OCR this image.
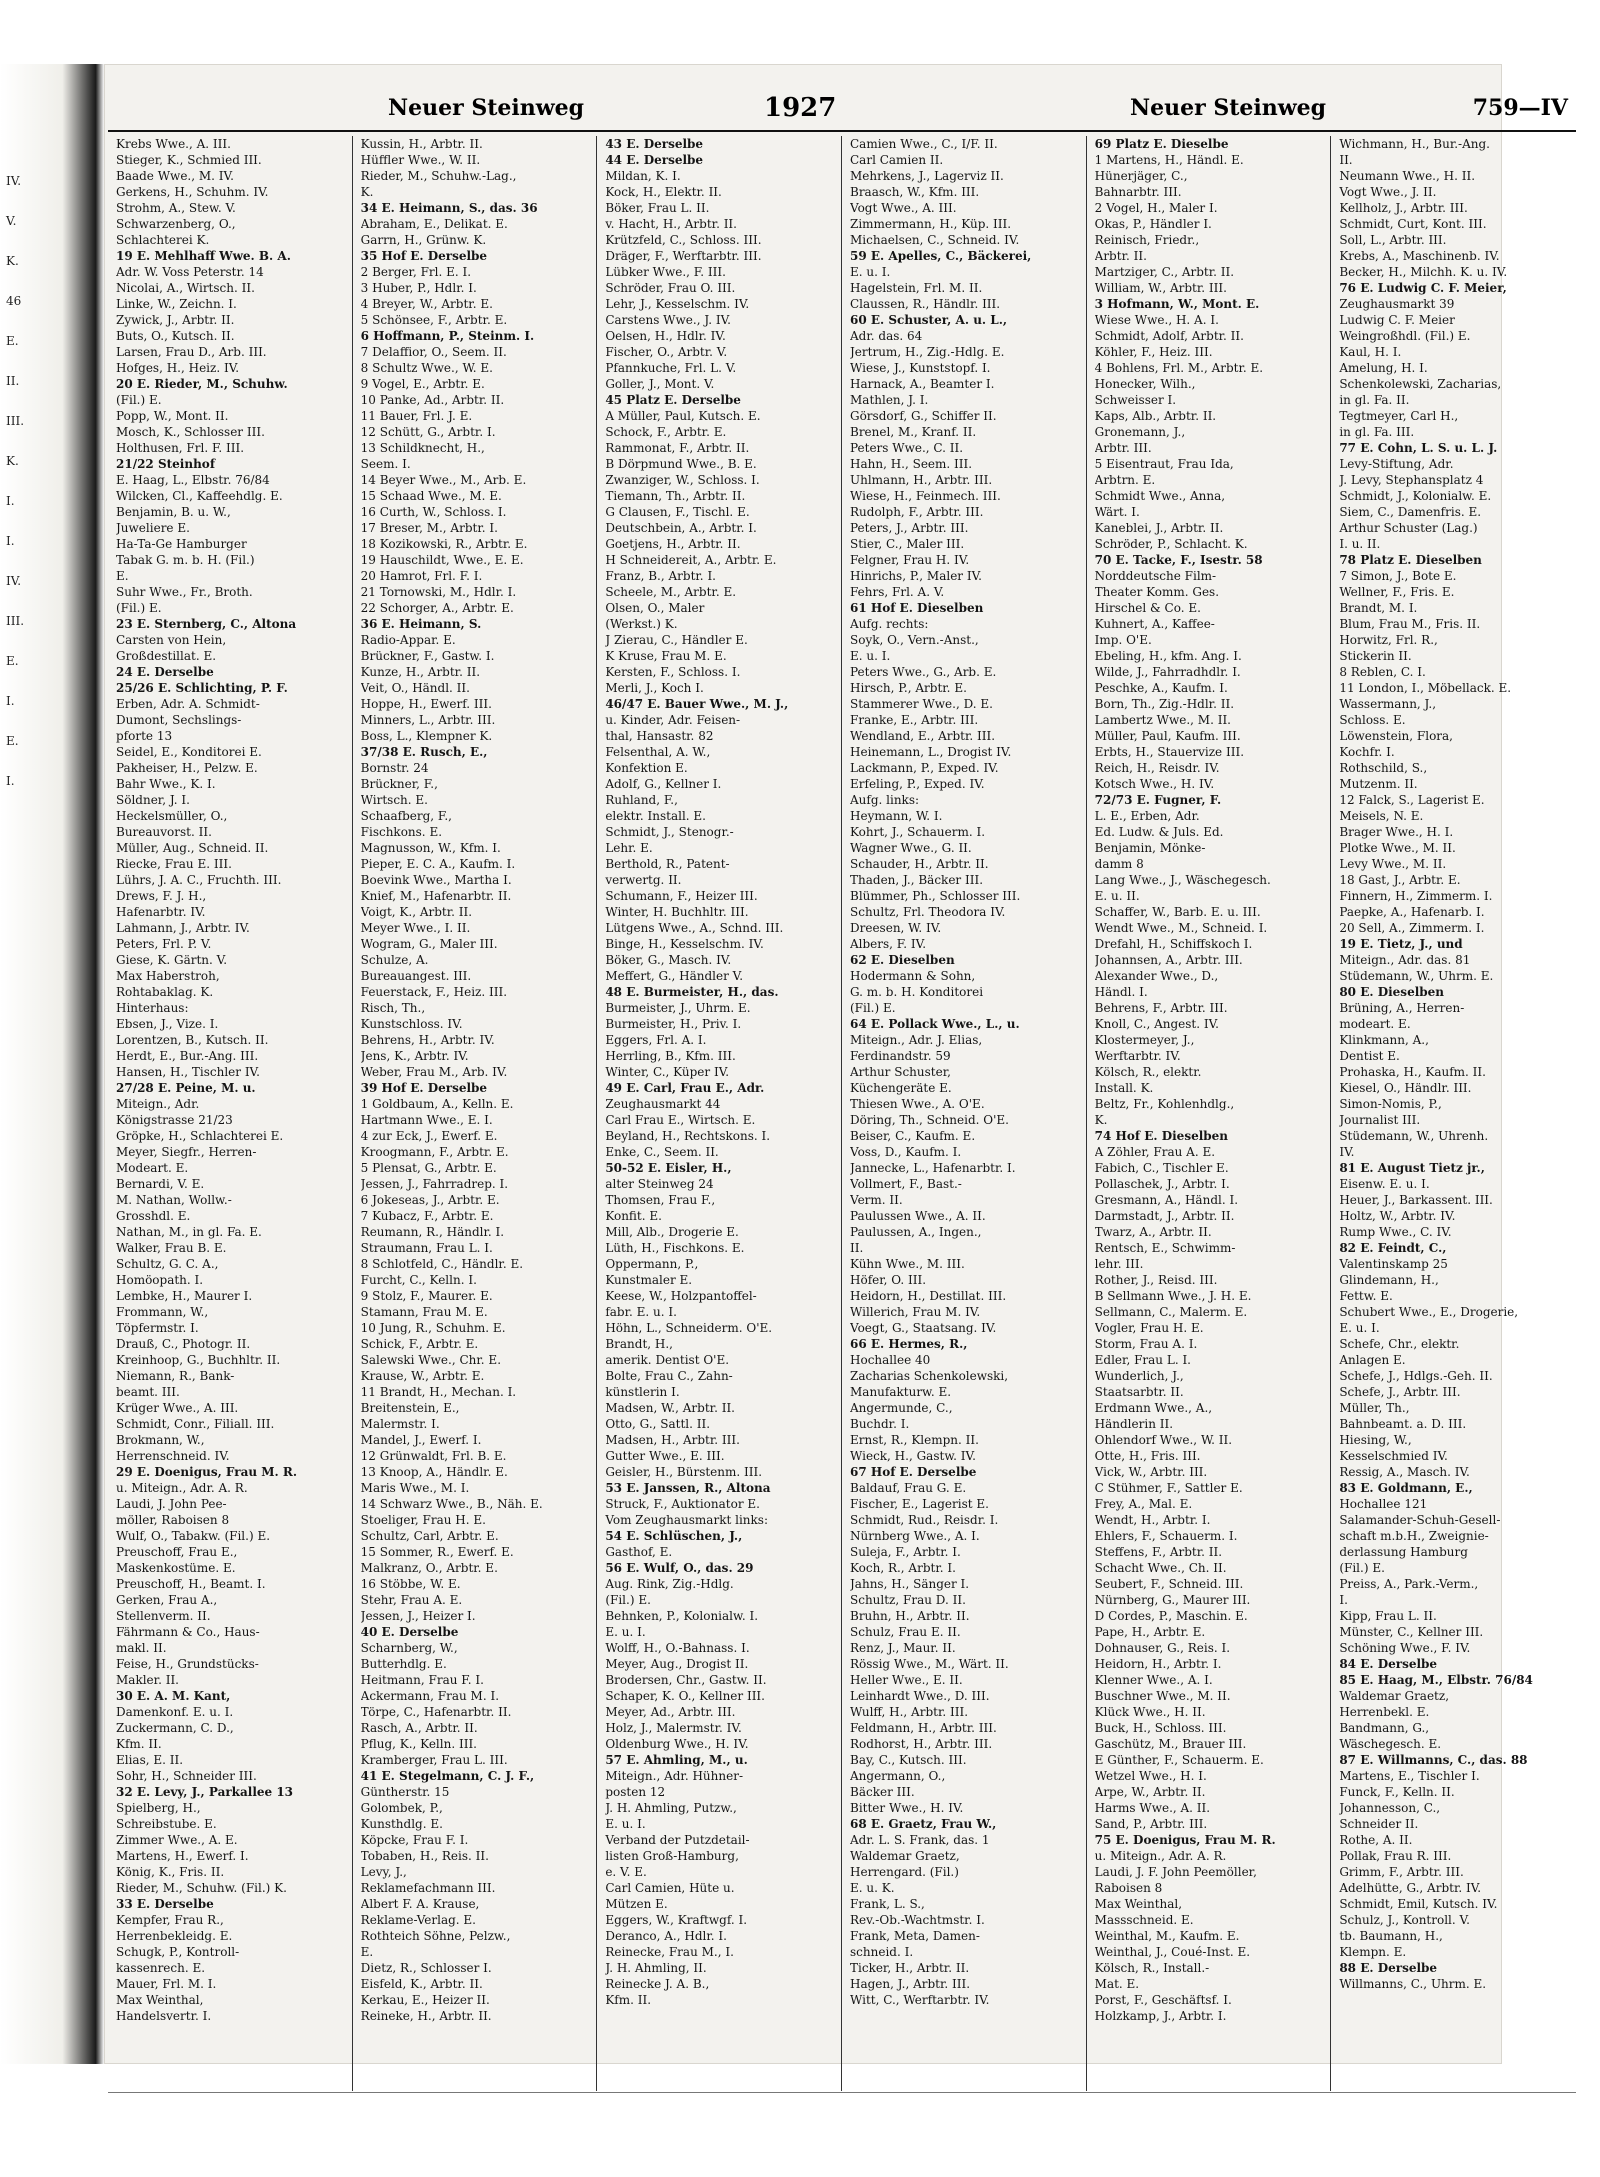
IV.
V.
K.
46
E.
II.
III.
K.
I.
I.
IV.
III.
E.
I.
E.
I.
Neuer Steinweg	1927	Neuer Steinweg	759—IV
Krebs Wwe., A. III.
Stieger, K., Schmied III.
Baade Wwe., M. IV.
Gerkens, H., Schuhm. IV.
Strohm, A., Stew. V.
Schwarzenberg, O.,
Schlachterei K.
19 E. Mehlhaff Wwe. B. A.
Adr. W. Voss Peterstr. 14
Nicolai, A., Wirtsch. II.
Linke, W., Zeichn. I.
Zywick, J., Arbtr. II.
Buts, O., Kutsch. II.
Larsen, Frau D., Arb. III.
Hofges, H., Heiz. IV.
20 E. Rieder, M., Schuhw.
(Fil.) E.
Popp, W., Mont. II.
Mosch, K., Schlosser III.
Holthusen, Frl. F. III.
21/22 Steinhof
E. Haag, L., Elbstr. 76/84
Wilcken, Cl., Kaffeehdlg. E.
Benjamin, B. u. W.,
Juweliere E.
Ha-Ta-Ge Hamburger
Tabak G. m. b. H. (Fil.)
E.
Suhr Wwe., Fr., Broth.
(Fil.) E.
23 E. Sternberg, C., Altona
Carsten von Hein,
Großdestillat. E.
24 E. Derselbe
25/26 E. Schlichting, P. F.
Erben, Adr. A. Schmidt-
Dumont, Sechslings-
pforte 13
Seidel, E., Konditorei E.
Pakheiser, H., Pelzw. E.
Bahr Wwe., K. I.
Söldner, J. I.
Heckelsmüller, O.,
Bureauvorst. II.
Müller, Aug., Schneid. II.
Riecke, Frau E. III.
Lührs, J. A. C., Fruchth. III.
Drews, F. J. H.,
Hafenarbtr. IV.
Lahmann, J., Arbtr. IV.
Peters, Frl. P. V.
Giese, K. Gärtn. V.
Max Haberstroh,
Rohtabaklag. K.
Hinterhaus:
Ebsen, J., Vize. I.
Lorentzen, B., Kutsch. II.
Herdt, E., Bur.-Ang. III.
Hansen, H., Tischler IV.
27/28 E. Peine, M. u.
Miteign., Adr.
Königstrasse 21/23
Gröpke, H., Schlachterei E.
Meyer, Siegfr., Herren-
Modeart. E.
Bernardi, V. E.
M. Nathan, Wollw.-
Grosshdl. E.
Nathan, M., in gl. Fa. E.
Walker, Frau B. E.
Schultz, G. C. A.,
Homöopath. I.
Lembke, H., Maurer I.
Frommann, W.,
Töpfermstr. I.
Drauß, C., Photogr. II.
Kreinhoop, G., Buchhltr. II.
Niemann, R., Bank-
beamt. III.
Krüger Wwe., A. III.
Schmidt, Conr., Filiall. III.
Brokmann, W.,
Herrenschneid. IV.
29 E. Doenigus, Frau M. R.
u. Miteign., Adr. A. R.
Laudi, J. John Pee-
möller, Raboisen 8
Wulf, O., Tabakw. (Fil.) E.
Preuschoff, Frau E.,
Maskenkostüme. E.
Preuschoff, H., Beamt. I.
Gerken, Frau A.,
Stellenverm. II.
Fährmann & Co., Haus-
makl. II.
Feise, H., Grundstücks-
Makler. II.
30 E. A. M. Kant,
Damenkonf. E. u. I.
Zuckermann, C. D.,
Kfm. II.
Elias, E. II.
Sohr, H., Schneider III.
32 E. Levy, J., Parkallee 13
Spielberg, H.,
Schreibstube. E.
Zimmer Wwe., A. E.
Martens, H., Ewerf. I.
König, K., Fris. II.
Rieder, M., Schuhw. (Fil.) K.
33 E. Derselbe
Kempfer, Frau R.,
Herrenbekleidg. E.
Schugk, P., Kontroll-
kassenrech. E.
Mauer, Frl. M. I.
Max Weinthal,
Handelsvertr. I.
Kussin, H., Arbtr. II.
Hüffler Wwe., W. II.
Rieder, M., Schuhw.-Lag.,
K.
34 E. Heimann, S., das. 36
Abraham, E., Delikat. E.
Garrn, H., Grünw. K.
35 Hof E. Derselbe
2 Berger, Frl. E. I.
3 Huber, P., Hdlr. I.
4 Breyer, W., Arbtr. E.
5 Schönsee, F., Arbtr. E.
6 Hoffmann, P., Steinm. I.
7 Delaffior, O., Seem. II.
8 Schultz Wwe., W. E.
9 Vogel, E., Arbtr. E.
10 Panke, Ad., Arbtr. II.
11 Bauer, Frl. J. E.
12 Schütt, G., Arbtr. I.
13 Schildknecht, H.,
Seem. I.
14 Beyer Wwe., M., Arb. E.
15 Schaad Wwe., M. E.
16 Curth, W., Schloss. I.
17 Breser, M., Arbtr. I.
18 Kozikowski, R., Arbtr. E.
19 Hauschildt, Wwe., E. E.
20 Hamrot, Frl. F. I.
21 Tornowski, M., Hdlr. I.
22 Schorger, A., Arbtr. E.
36 E. Heimann, S.
Radio-Appar. E.
Brückner, F., Gastw. I.
Kunze, H., Arbtr. II.
Veit, O., Händl. II.
Hoppe, H., Ewerf. III.
Minners, L., Arbtr. III.
Boss, L., Klempner K.
37/38 E. Rusch, E.,
Bornstr. 24
Brückner, F.,
Wirtsch. E.
Schaafberg, F.,
Fischkons. E.
Magnusson, W., Kfm. I.
Pieper, E. C. A., Kaufm. I.
Boevink Wwe., Martha I.
Knief, M., Hafenarbtr. II.
Voigt, K., Arbtr. II.
Meyer Wwe., I. II.
Wogram, G., Maler III.
Schulze, A.
Bureauangest. III.
Feuerstack, F., Heiz. III.
Risch, Th.,
Kunstschloss. IV.
Behrens, H., Arbtr. IV.
Jens, K., Arbtr. IV.
Weber, Frau M., Arb. IV.
39 Hof E. Derselbe
1 Goldbaum, A., Kelln. E.
Hartmann Wwe., E. I.
4 zur Eck, J., Ewerf. E.
Kroogmann, F., Arbtr. E.
5 Plensat, G., Arbtr. E.
Jessen, J., Fahrradrep. I.
6 Jokeseas, J., Arbtr. E.
7 Kubacz, F., Arbtr. E.
Reumann, R., Händlr. I.
Straumann, Frau L. I.
8 Schlotfeld, C., Händlr. E.
Furcht, C., Kelln. I.
9 Stolz, F., Maurer. E.
Stamann, Frau M. E.
10 Jung, R., Schuhm. E.
Schick, F., Arbtr. E.
Salewski Wwe., Chr. E.
Krause, W., Arbtr. E.
11 Brandt, H., Mechan. I.
Breitenstein, E.,
Malermstr. I.
Mandel, J., Ewerf. I.
12 Grünwaldt, Frl. B. E.
13 Knoop, A., Händlr. E.
Maris Wwe., M. I.
14 Schwarz Wwe., B., Näh. E.
Stoeliger, Frau H. E.
Schultz, Carl, Arbtr. E.
15 Sommer, R., Ewerf. E.
Malkranz, O., Arbtr. E.
16 Stöbbe, W. E.
Stehr, Frau A. E.
Jessen, J., Heizer I.
40 E. Derselbe
Scharnberg, W.,
Butterhdlg. E.
Heitmann, Frau F. I.
Ackermann, Frau M. I.
Törpe, C., Hafenarbtr. II.
Rasch, A., Arbtr. II.
Pflug, K., Kelln. III.
Kramberger, Frau L. III.
41 E. Stegelmann, C. J. F.,
Güntherstr. 15
Golombek, P.,
Kunsthdlg. E.
Köpcke, Frau F. I.
Tobaben, H., Reis. II.
Levy, J.,
Reklamefachmann III.
Albert F. A. Krause,
Reklame-Verlag. E.
Rothteich Söhne, Pelzw.,
E.
Dietz, R., Schlosser I.
Eisfeld, K., Arbtr. II.
Kerkau, E., Heizer II.
Reineke, H., Arbtr. II.
43 E. Derselbe
44 E. Derselbe
Mildan, K. I.
Kock, H., Elektr. II.
Böker, Frau L. II.
v. Hacht, H., Arbtr. II.
Krützfeld, C., Schloss. III.
Dräger, F., Werftarbtr. III.
Lübker Wwe., F. III.
Schröder, Frau O. III.
Lehr, J., Kesselschm. IV.
Carstens Wwe., J. IV.
Oelsen, H., Hdlr. IV.
Fischer, O., Arbtr. V.
Pfannkuche, Frl. L. V.
Goller, J., Mont. V.
45 Platz E. Derselbe
A Müller, Paul, Kutsch. E.
Schock, F., Arbtr. E.
Rammonat, F., Arbtr. II.
B Dörpmund Wwe., B. E.
Zwanziger, W., Schloss. I.
Tiemann, Th., Arbtr. II.
G Clausen, F., Tischl. E.
Deutschbein, A., Arbtr. I.
Goetjens, H., Arbtr. II.
H Schneidereit, A., Arbtr. E.
Franz, B., Arbtr. I.
Scheele, M., Arbtr. E.
Olsen, O., Maler
(Werkst.) K.
J Zierau, C., Händler E.
K Kruse, Frau M. E.
Kersten, F., Schloss. I.
Merli, J., Koch I.
46/47 E. Bauer Wwe., M. J.,
u. Kinder, Adr. Feisen-
thal, Hansastr. 82
Felsenthal, A. W.,
Konfektion E.
Adolf, G., Kellner I.
Ruhland, F.,
elektr. Install. E.
Schmidt, J., Stenogr.-
Lehr. E.
Berthold, R., Patent-
verwertg. II.
Schumann, F., Heizer III.
Winter, H. Buchhltr. III.
Lütgens Wwe., A., Schnd. III.
Binge, H., Kesselschm. IV.
Böker, G., Masch. IV.
Meffert, G., Händler V.
48 E. Burmeister, H., das.
Burmeister, J., Uhrm. E.
Burmeister, H., Priv. I.
Eggers, Frl. A. I.
Herrling, B., Kfm. III.
Winter, C., Küper IV.
49 E. Carl, Frau E., Adr.
Zeughausmarkt 44
Carl Frau E., Wirtsch. E.
Beyland, H., Rechtskons. I.
Enke, C., Seem. II.
50-52 E. Eisler, H.,
alter Steinweg 24
Thomsen, Frau F.,
Konfit. E.
Mill, Alb., Drogerie E.
Lüth, H., Fischkons. E.
Oppermann, P.,
Kunstmaler E.
Keese, W., Holzpantoffel-
fabr. E. u. I.
Höhn, L., Schneiderm. O'E.
Brandt, H.,
amerik. Dentist O'E.
Bolte, Frau C., Zahn-
künstlerin I.
Madsen, W., Arbtr. II.
Otto, G., Sattl. II.
Madsen, H., Arbtr. III.
Gutter Wwe., E. III.
Geisler, H., Bürstenm. III.
53 E. Janssen, R., Altona
Struck, F., Auktionator E.
Vom Zeughausmarkt links:
54 E. Schlüschen, J.,
Gasthof, E.
56 E. Wulf, O., das. 29
Aug. Rink, Zig.-Hdlg.
(Fil.) E.
Behnken, P., Kolonialw. I.
E. u. I.
Wolff, H., O.-Bahnass. I.
Meyer, Aug., Drogist II.
Brodersen, Chr., Gastw. II.
Schaper, K. O., Kellner III.
Meyer, Ad., Arbtr. III.
Holz, J., Malermstr. IV.
Oldenburg Wwe., H. IV.
57 E. Ahmling, M., u.
Miteign., Adr. Hühner-
posten 12
J. H. Ahmling, Putzw.,
E. u. I.
Verband der Putzdetail-
listen Groß-Hamburg,
e. V. E.
Carl Camien, Hüte u.
Mützen E.
Eggers, W., Kraftwgf. I.
Deranco, A., Hdlr. I.
Reinecke, Frau M., I.
J. H. Ahmling, II.
Reinecke J. A. B.,
Kfm. II.
Camien Wwe., C., I/F. II.
Carl Camien II.
Mehrkens, J., Lagerviz II.
Braasch, W., Kfm. III.
Vogt Wwe., A. III.
Zimmermann, H., Küp. III.
Michaelsen, C., Schneid. IV.
59 E. Apelles, C., Bäckerei,
E. u. I.
Hagelstein, Frl. M. II.
Claussen, R., Händlr. III.
60 E. Schuster, A. u. L.,
Adr. das. 64
Jertrum, H., Zig.-Hdlg. E.
Wiese, J., Kunststopf. I.
Harnack, A., Beamter I.
Mathlen, J. I.
Görsdorf, G., Schiffer II.
Brenel, M., Kranf. II.
Peters Wwe., C. II.
Hahn, H., Seem. III.
Uhlmann, H., Arbtr. III.
Wiese, H., Feinmech. III.
Rudolph, F., Arbtr. III.
Peters, J., Arbtr. III.
Stier, C., Maler III.
Felgner, Frau H. IV.
Hinrichs, P., Maler IV.
Fehrs, Frl. A. V.
61 Hof E. Dieselben
Aufg. rechts:
Soyk, O., Vern.-Anst.,
E. u. I.
Peters Wwe., G., Arb. E.
Hirsch, P., Arbtr. E.
Stammerer Wwe., D. E.
Franke, E., Arbtr. III.
Wendland, E., Arbtr. III.
Heinemann, L., Drogist IV.
Lackmann, P., Exped. IV.
Erfeling, P., Exped. IV.
Aufg. links:
Heymann, W. I.
Kohrt, J., Schauerm. I.
Wagner Wwe., G. II.
Schauder, H., Arbtr. II.
Thaden, J., Bäcker III.
Blümmer, Ph., Schlosser III.
Schultz, Frl. Theodora IV.
Dreesen, W. IV.
Albers, F. IV.
62 E. Dieselben
Hodermann & Sohn,
G. m. b. H. Konditorei
(Fil.) E.
64 E. Pollack Wwe., L., u.
Miteign., Adr. J. Elias,
Ferdinandstr. 59
Arthur Schuster,
Küchengeräte E.
Thiesen Wwe., A. O'E.
Döring, Th., Schneid. O'E.
Beiser, C., Kaufm. E.
Voss, D., Kaufm. I.
Jannecke, L., Hafenarbtr. I.
Vollmert, F., Bast.-
Verm. II.
Paulussen Wwe., A. II.
Paulussen, A., Ingen.,
II.
Kühn Wwe., M. III.
Höfer, O. III.
Heidorn, H., Destillat. III.
Willerich, Frau M. IV.
Voegt, G., Staatsang. IV.
66 E. Hermes, R.,
Hochallee 40
Zacharias Schenkolewski,
Manufakturw. E.
Angermunde, C.,
Buchdr. I.
Ernst, R., Klempn. II.
Wieck, H., Gastw. IV.
67 Hof E. Derselbe
Baldauf, Frau G. E.
Fischer, E., Lagerist E.
Schmidt, Rud., Reisdr. I.
Nürnberg Wwe., A. I.
Suleja, F., Arbtr. I.
Koch, R., Arbtr. I.
Jahns, H., Sänger I.
Schultz, Frau D. II.
Bruhn, H., Arbtr. II.
Schulz, Frau E. II.
Renz, J., Maur. II.
Rössig Wwe., M., Wärt. II.
Heller Wwe., E. II.
Leinhardt Wwe., D. III.
Wulff, H., Arbtr. III.
Feldmann, H., Arbtr. III.
Rodhorst, H., Arbtr. III.
Bay, C., Kutsch. III.
Angermann, O.,
Bäcker III.
Bitter Wwe., H. IV.
68 E. Graetz, Frau W.,
Adr. L. S. Frank, das. 1
Waldemar Graetz,
Herrengard. (Fil.)
E. u. K.
Frank, L. S.,
Rev.-Ob.-Wachtmstr. I.
Frank, Meta, Damen-
schneid. I.
Ticker, H., Arbtr. II.
Hagen, J., Arbtr. III.
Witt, C., Werftarbtr. IV.
69 Platz E. Dieselbe
1 Martens, H., Händl. E.
Hünerjäger, C.,
Bahnarbtr. III.
2 Vogel, H., Maler I.
Okas, P., Händler I.
Reinisch, Friedr.,
Arbtr. II.
Martziger, C., Arbtr. II.
William, W., Arbtr. III.
3 Hofmann, W., Mont. E.
Wiese Wwe., H. A. I.
Schmidt, Adolf, Arbtr. II.
Köhler, F., Heiz. III.
4 Bohlens, Frl. M., Arbtr. E.
Honecker, Wilh.,
Schweisser I.
Kaps, Alb., Arbtr. II.
Gronemann, J.,
Arbtr. III.
5 Eisentraut, Frau Ida,
Arbtrn. E.
Schmidt Wwe., Anna,
Wärt. I.
Kaneblei, J., Arbtr. II.
Schröder, P., Schlacht. K.
70 E. Tacke, F., Isestr. 58
Norddeutsche Film-
Theater Komm. Ges.
Hirschel & Co. E.
Kuhnert, A., Kaffee-
Imp. O'E.
Ebeling, H., kfm. Ang. I.
Wilde, J., Fahrradhdlr. I.
Peschke, A., Kaufm. I.
Born, Th., Zig.-Hdlr. II.
Lambertz Wwe., M. II.
Müller, Paul, Kaufm. III.
Erbts, H., Stauervize III.
Reich, H., Reisdr. IV.
Kotsch Wwe., H. IV.
72/73 E. Fugner, F.
L. E., Erben, Adr.
Ed. Ludw. & Juls. Ed.
Benjamin, Mönke-
damm 8
Lang Wwe., J., Wäschegesch.
E. u. II.
Schaffer, W., Barb. E. u. III.
Wendt Wwe., M., Schneid. I.
Drefahl, H., Schiffskoch I.
Johannsen, A., Arbtr. III.
Alexander Wwe., D.,
Händl. I.
Behrens, F., Arbtr. III.
Knoll, C., Angest. IV.
Klostermeyer, J.,
Werftarbtr. IV.
Kölsch, R., elektr.
Install. K.
Beltz, Fr., Kohlenhdlg.,
K.
74 Hof E. Dieselben
A Zöhler, Frau A. E.
Fabich, C., Tischler E.
Pollaschek, J., Arbtr. I.
Gresmann, A., Händl. I.
Darmstadt, J., Arbtr. II.
Twarz, A., Arbtr. II.
Rentsch, E., Schwimm-
lehr. III.
Rother, J., Reisd. III.
B Sellmann Wwe., J. H. E.
Sellmann, C., Malerm. E.
Vogler, Frau H. E.
Storm, Frau A. I.
Edler, Frau L. I.
Wunderlich, J.,
Staatsarbtr. II.
Erdmann Wwe., A.,
Händlerin II.
Ohlendorf Wwe., W. II.
Otte, H., Fris. III.
Vick, W., Arbtr. III.
C Stühmer, F., Sattler E.
Frey, A., Mal. E.
Wendt, H., Arbtr. I.
Ehlers, F., Schauerm. I.
Steffens, F., Arbtr. II.
Schacht Wwe., Ch. II.
Seubert, F., Schneid. III.
Nürnberg, G., Maurer III.
D Cordes, P., Maschin. E.
Pape, H., Arbtr. E.
Dohnauser, G., Reis. I.
Heidorn, H., Arbtr. I.
Klenner Wwe., A. I.
Buschner Wwe., M. II.
Klück Wwe., H. II.
Buck, H., Schloss. III.
Gaschütz, M., Brauer III.
E Günther, F., Schauerm. E.
Wetzel Wwe., H. I.
Arpe, W., Arbtr. II.
Harms Wwe., A. II.
Sand, P., Arbtr. III.
75 E. Doenigus, Frau M. R.
u. Miteign., Adr. A. R.
Laudi, J. F. John Peemöller,
Raboisen 8
Max Weinthal,
Massschneid. E.
Weinthal, M., Kaufm. E.
Weinthal, J., Coué-Inst. E.
Kölsch, R., Install.-
Mat. E.
Porst, F., Geschäftsf. I.
Holzkamp, J., Arbtr. I.
Wichmann, H., Bur.-Ang.
II.
Neumann Wwe., H. II.
Vogt Wwe., J. II.
Kellholz, J., Arbtr. III.
Schmidt, Curt, Kont. III.
Soll, L., Arbtr. III.
Krebs, A., Maschinenb. IV.
Becker, H., Milchh. K. u. IV.
76 E. Ludwig C. F. Meier,
Zeughausmarkt 39
Ludwig C. F. Meier
Weingroßhdl. (Fil.) E.
Kaul, H. I.
Amelung, H. I.
Schenkolewski, Zacharias,
in gl. Fa. II.
Tegtmeyer, Carl H.,
in gl. Fa. III.
77 E. Cohn, L. S. u. L. J.
Levy-Stiftung, Adr.
J. Levy, Stephansplatz 4
Schmidt, J., Kolonialw. E.
Siem, C., Damenfris. E.
Arthur Schuster (Lag.)
I. u. II.
78 Platz E. Dieselben
7 Simon, J., Bote E.
Wellner, F., Fris. E.
Brandt, M. I.
Blum, Frau M., Fris. II.
Horwitz, Frl. R.,
Stickerin II.
8 Reblen, C. I.
11 London, I., Möbellack. E.
Wassermann, J.,
Schloss. E.
Löwenstein, Flora,
Kochfr. I.
Rothschild, S.,
Mutzenm. II.
12 Falck, S., Lagerist E.
Meisels, N. E.
Brager Wwe., H. I.
Plotke Wwe., M. II.
Levy Wwe., M. II.
18 Gast, J., Arbtr. E.
Finnern, H., Zimmerm. I.
Paepke, A., Hafenarb. I.
20 Sell, A., Zimmerm. I.
19 E. Tietz, J., und
Miteign., Adr. das. 81
Stüdemann, W., Uhrm. E.
80 E. Dieselben
Brüning, A., Herren-
modeart. E.
Klinkmann, A.,
Dentist E.
Prohaska, H., Kaufm. II.
Kiesel, O., Händlr. III.
Simon-Nomis, P.,
Journalist III.
Stüdemann, W., Uhrenh.
IV.
81 E. August Tietz jr.,
Eisenw. E. u. I.
Heuer, J., Barkassent. III.
Holtz, W., Arbtr. IV.
Rump Wwe., C. IV.
82 E. Feindt, C.,
Valentinskamp 25
Glindemann, H.,
Fettw. E.
Schubert Wwe., E., Drogerie,
E. u. I.
Schefe, Chr., elektr.
Anlagen E.
Schefe, J., Hdlgs.-Geh. II.
Schefe, J., Arbtr. III.
Müller, Th.,
Bahnbeamt. a. D. III.
Hiesing, W.,
Kesselschmied IV.
Ressig, A., Masch. IV.
83 E. Goldmann, E.,
Hochallee 121
Salamander-Schuh-Gesell-
schaft m.b.H., Zweignie-
derlassung Hamburg
(Fil.) E.
Preiss, A., Park.-Verm.,
I.
Kipp, Frau L. II.
Münster, C., Kellner III.
Schöning Wwe., F. IV.
84 E. Derselbe
85 E. Haag, M., Elbstr. 76/84
Waldemar Graetz,
Herrenbekl. E.
Bandmann, G.,
Wäschegesch. E.
87 E. Willmanns, C., das. 88
Martens, E., Tischler I.
Funck, F., Kelln. II.
Johannesson, C.,
Schneider II.
Rothe, A. II.
Pollak, Frau R. III.
Grimm, F., Arbtr. III.
Adelhütte, G., Arbtr. IV.
Schmidt, Emil, Kutsch. IV.
Schulz, J., Kontroll. V.
tb. Baumann, H.,
Klempn. E.
88 E. Derselbe
Willmanns, C., Uhrm. E.
